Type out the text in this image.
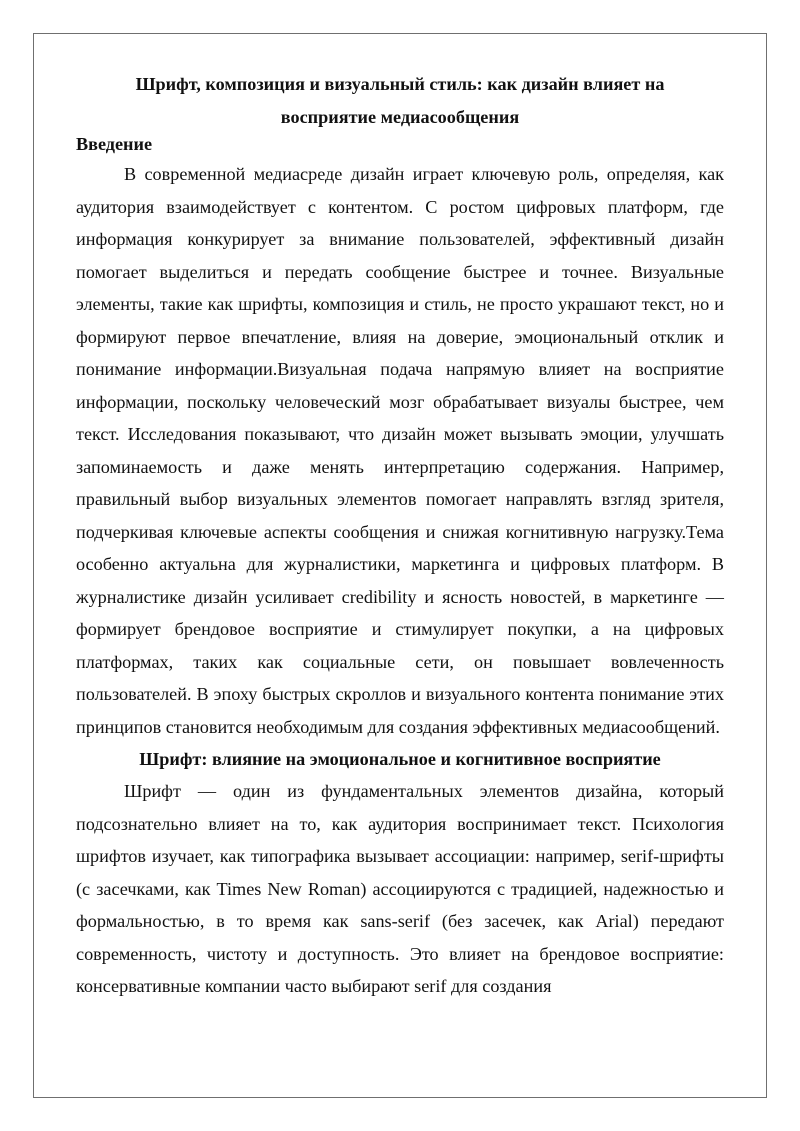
Шрифт, композиция и визуальный стиль: как дизайн влияет на восприятие медиасообщения

Введение

В современной медиасреде дизайн играет ключевую роль, определяя, как аудитория взаимодействует с контентом. С ростом цифровых платформ, где информация конкурирует за внимание пользователей, эффективный дизайн помогает выделиться и передать сообщение быстрее и точнее. Визуальные элементы, такие как шрифты, композиция и стиль, не просто украшают текст, но и формируют первое впечатление, влияя на доверие, эмоциональный отклик и понимание информации.Визуальная подача напрямую влияет на восприятие информации, поскольку человеческий мозг обрабатывает визуалы быстрее, чем текст. Исследования показывают, что дизайн может вызывать эмоции, улучшать запоминаемость и даже менять интерпретацию содержания. Например, правильный выбор визуальных элементов помогает направлять взгляд зрителя, подчеркивая ключевые аспекты сообщения и снижая когнитивную нагрузку.Тема особенно актуальна для журналистики, маркетинга и цифровых платформ. В журналистике дизайн усиливает credibility и ясность новостей, в маркетинге — формирует брендовое восприятие и стимулирует покупки, а на цифровых платформах, таких как социальные сети, он повышает вовлеченность пользователей. В эпоху быстрых скроллов и визуального контента понимание этих принципов становится необходимым для создания эффективных медиасообщений.

Шрифт: влияние на эмоциональное и когнитивное восприятие

Шрифт — один из фундаментальных элементов дизайна, который подсознательно влияет на то, как аудитория воспринимает текст. Психология шрифтов изучает, как типографика вызывает ассоциации: например, serif-шрифты (с засечками, как Times New Roman) ассоциируются с традицией, надежностью и формальностью, в то время как sans-serif (без засечек, как Arial) передают современность, чистоту и доступность. Это влияет на брендовое восприятие: консервативные компании часто выбирают serif для создания
